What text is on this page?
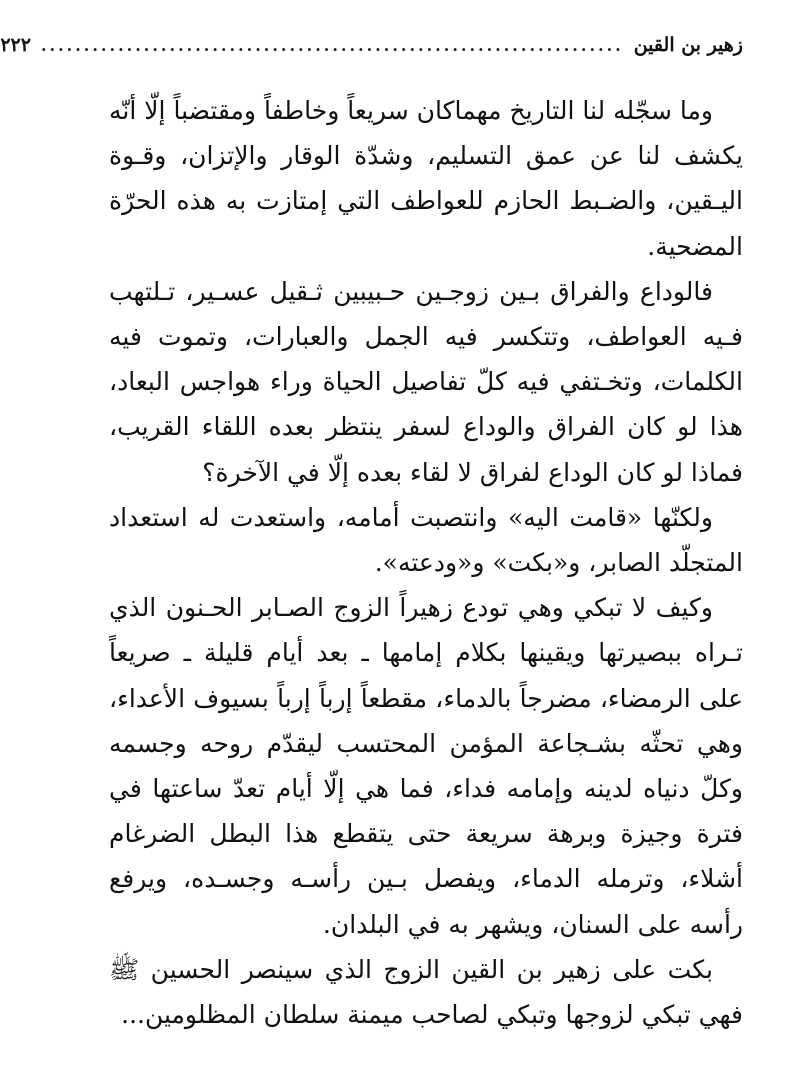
زهير بن القين
....................................................................
٢٢٢

وما سجّله لنا التاريخ مهماكان سريعاً وخاطفاً ومقتضباً إلّا أنّه يكشف لنا عن عمق التسليم، وشدّة الوقار والإتزان، وقـوة اليـقين، والضـبط الحازم للعواطف التي إمتازت به هذه الحرّة المضحية.

فالوداع والفراق بـين زوجـين حـبيبين ثـقيل عسـير، تـلتهب فـيه العواطف، وتتكسر فيه الجمل والعبارات، وتموت فيه الكلمات، وتخـتفي فيه كلّ تفاصيل الحياة وراء هواجس البعاد، هذا لو كان الفراق والوداع لسفر ينتظر بعده اللقاء القريب، فماذا لو كان الوداع لفراق لا لقاء بعده إلّا في الآخرة؟

ولكنّها «قامت اليه» وانتصبت أمامه، واستعدت له استعداد المتجلّد الصابر، و«بكت» و«ودعته».

وكيف لا تبكي وهي تودع زهيراً الزوج الصـابر الحـنون الذي تـراه ببصيرتها ويقينها بكلام إمامها ـ بعد أيام قليلة ـ صريعاً على الرمضاء، مضرجاً بالدماء، مقطعاً إرباً إرباً بسيوف الأعداء، وهي تحثّه بشـجاعة المؤمن المحتسب ليقدّم روحه وجسمه وكلّ دنياه لدينه وإمامه فداء، فما هي إلّا أيام تعدّ ساعتها في فترة وجيزة وبرهة سريعة حتى يتقطع هذا البطل الضرغام أشلاء، وترمله الدماء، ويفصل بـين رأسـه وجسـده، ويرفع رأسه على السنان، ويشهر به في البلدان.

بكت على زهير بن القين الزوج الذي سينصر الحسين ﷺ فهي تبكي لزوجها وتبكي لصاحب ميمنة سلطان المظلومين...
